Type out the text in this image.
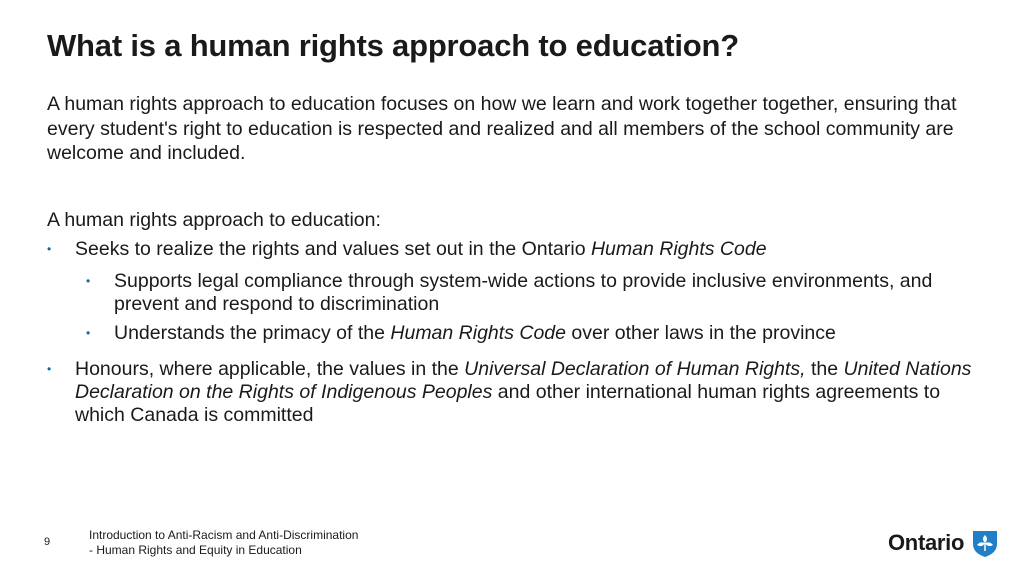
What is a human rights approach to education?
A human rights approach to education focuses on how we learn and work together together, ensuring that every student's right to education is respected and realized and all members of the school community are welcome and included.
A human rights approach to education:
• Seeks to realize the rights and values set out in the Ontario Human Rights Code
• Supports legal compliance through system-wide actions to provide inclusive environments, and prevent and respond to discrimination
• Understands the primacy of the Human Rights Code over other laws in the province
• Honours, where applicable, the values in the Universal Declaration of Human Rights, the United Nations Declaration on the Rights of Indigenous Peoples and other international human rights agreements to which Canada is committed
9	Introduction to Anti-Racism and Anti-Discrimination
- Human Rights and Equity in Education	Ontario
